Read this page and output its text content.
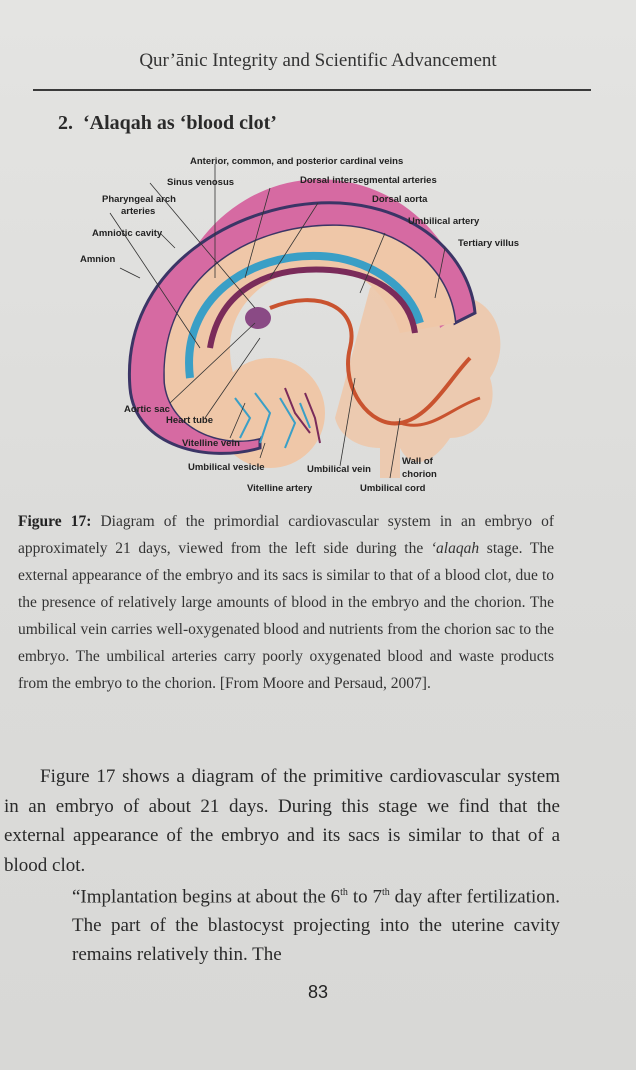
Qur’ānic Integrity and Scientific Advancement
2. ‘Alaqah as ‘blood clot’
Anterior, common, and posterior cardinal veins
Sinus venosus	Dorsal intersegmental arteries
Pharyngeal arch
arteries
Dorsal aorta
Umbilical artery
Amniotic cavity
Tertiary villus
Amnion
Aortic sac
Heart tube
Vitelline vein
Umbilical vesicle	Umbilical vein
Wall of
chorion
Vitelline artery	Umbilical cord
Figure 17: Diagram of the primordial cardiovascular system in an embryo of approximately 21 days, viewed from the left side during the ‘alaqah stage. The external appearance of the embryo and its sacs is similar to that of a blood clot, due to the presence of relatively large amounts of blood in the embryo and the chorion. The umbilical vein carries well-oxygenated blood and nutrients from the chorion sac to the embryo. The umbilical arteries carry poorly oxygenated blood and waste products from the embryo to the chorion. [From Moore and Persaud, 2007].
Figure 17 shows a diagram of the primitive cardiovascular system in an embryo of about 21 days. During this stage we find that the external appearance of the embryo and its sacs is similar to that of a blood clot.
“Implantation begins at about the 6th to 7th day after fertilization. The part of the blastocyst projecting into the uterine cavity remains relatively thin. The
83
